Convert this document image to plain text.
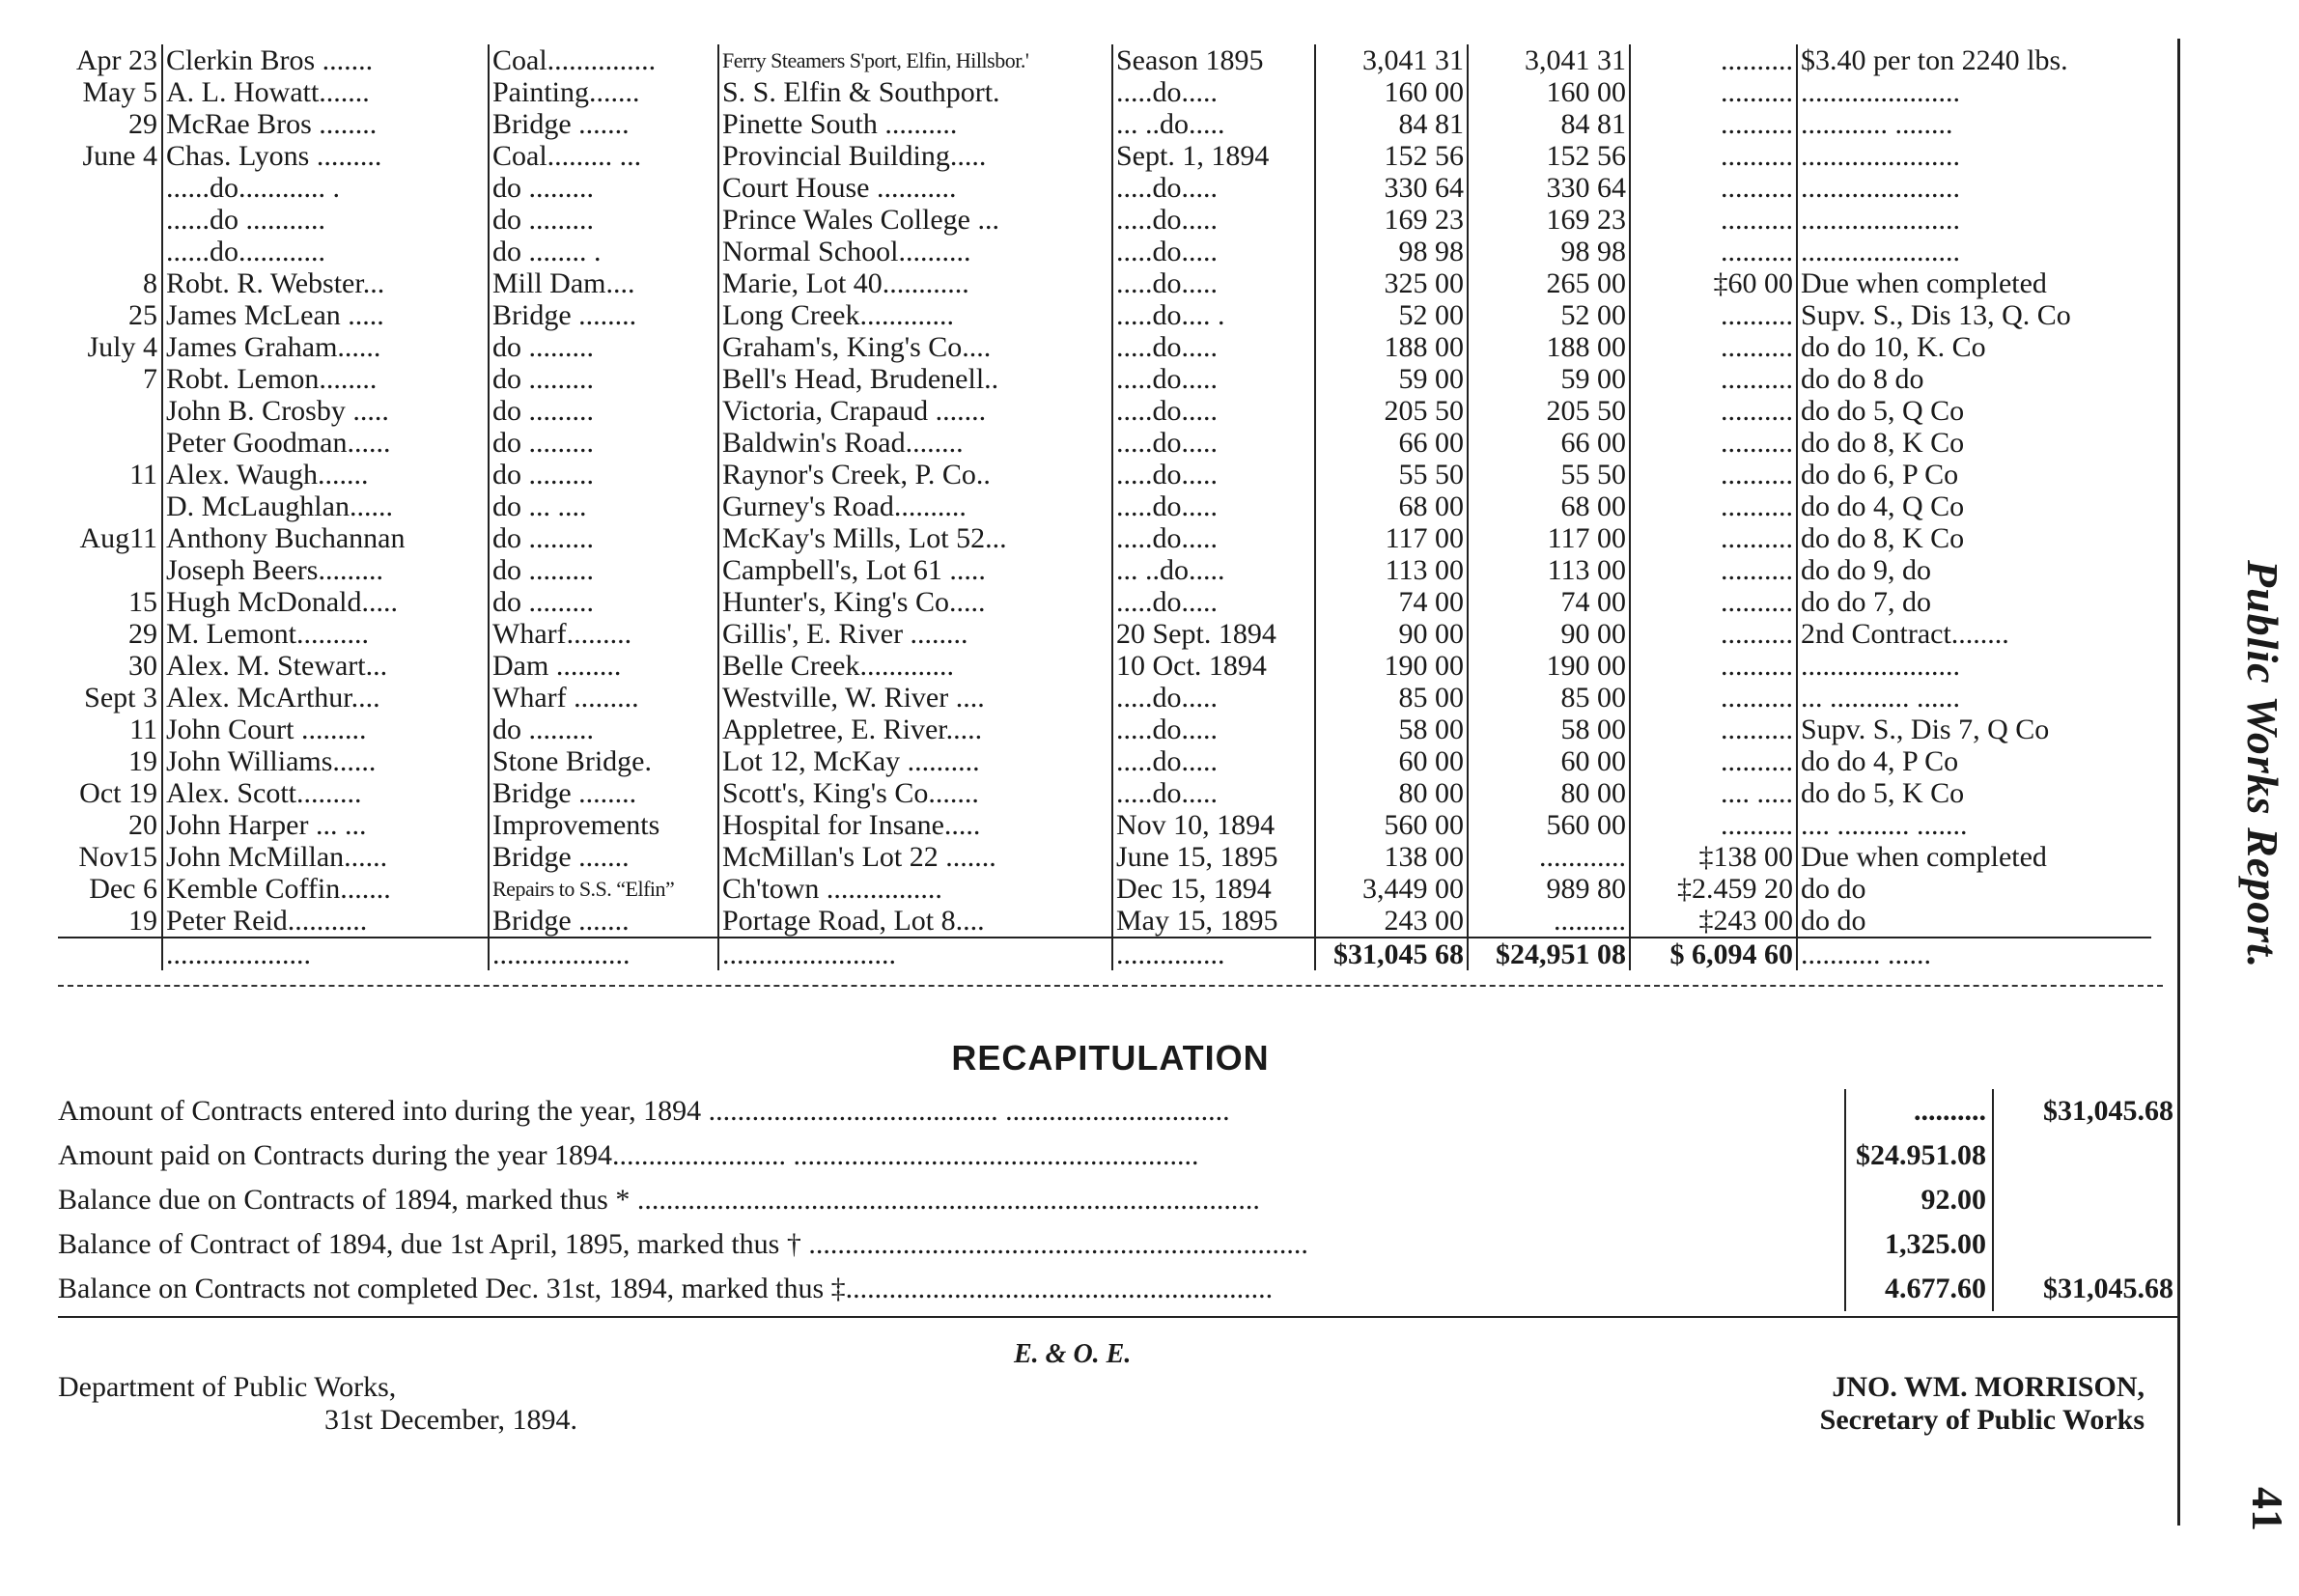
Apr 23	Clerkin Bros .......	Coal...............	Ferry Steamers S'port, Elfin, Hillsbor.'	Season 1895	3,041 31	3,041 31	..........	$3.40 per ton 2240 lbs.
May 5	A. L. Howatt.......	Painting.......	S. S. Elfin & Southport.	.....do.....	160 00	160 00	..........	......................
29	McRae Bros ........	Bridge .......	Pinette South ..........	... ..do.....	84 81	84 81	..........	............ ........
June 4	Chas. Lyons .........	Coal......... ...	Provincial Building.....	Sept. 1, 1894	152 56	152 56	..........	......................
	......do............ .	do .........	Court House ...........	.....do.....	330 64	330 64	..........	......................
	......do ...........	do .........	Prince Wales College ...	.....do.....	169 23	169 23	..........	......................
	......do............	do ........ .	Normal School..........	.....do.....	98 98	98 98	..........	......................
8	Robt. R. Webster...	Mill Dam....	Marie, Lot 40............	.....do.....	325 00	265 00	‡60 00	Due when completed
25	James McLean .....	Bridge ........	Long Creek.............	.....do.... .	52 00	52 00	..........	Supv. S., Dis 13, Q. Co
July 4	James Graham......	do .........	Graham's, King's Co....	.....do.....	188 00	188 00	..........	do do 10, K. Co
7	Robt. Lemon........	do .........	Bell's Head, Brudenell..	.....do.....	59 00	59 00	..........	do do 8 do
	John B. Crosby .....	do .........	Victoria, Crapaud .......	.....do.....	205 50	205 50	..........	do do 5, Q Co
	Peter Goodman......	do .........	Baldwin's Road........	.....do.....	66 00	66 00	..........	do do 8, K Co
11	Alex. Waugh.......	do .........	Raynor's Creek, P. Co..	.....do.....	55 50	55 50	..........	do do 6, P Co
	D. McLaughlan......	do ... ....	Gurney's Road..........	.....do.....	68 00	68 00	..........	do do 4, Q Co
Aug11	Anthony Buchannan	do .........	McKay's Mills, Lot 52...	.....do.....	117 00	117 00	..........	do do 8, K Co
	Joseph Beers.........	do .........	Campbell's, Lot 61 .....	... ..do.....	113 00	113 00	..........	do do 9, do
15	Hugh McDonald.....	do .........	Hunter's, King's Co.....	.....do.....	74 00	74 00	..........	do do 7, do
29	M. Lemont..........	Wharf.........	Gillis', E. River ........	20 Sept. 1894	90 00	90 00	..........	2nd Contract........
30	Alex. M. Stewart...	Dam .........	Belle Creek.............	10 Oct. 1894	190 00	190 00	..........	......................
Sept 3	Alex. McArthur....	Wharf .........	Westville, W. River ....	.....do.....	85 00	85 00	..........	... ........... ......
11	John Court .........	do .........	Appletree, E. River.....	.....do.....	58 00	58 00	..........	Supv. S., Dis 7, Q Co
19	John Williams......	Stone Bridge.	Lot 12, McKay ..........	.....do.....	60 00	60 00	..........	do do 4, P Co
Oct 19	Alex. Scott.........	Bridge ........	Scott's, King's Co.......	.....do.....	80 00	80 00	.... .....	do do 5, K Co
20	John Harper ... ...	Improvements	Hospital for Insane.....	Nov 10, 1894	560 00	560 00	..........	.... .......... .......
Nov15	John McMillan......	Bridge .......	McMillan's Lot 22 .......	June 15, 1895	138 00	............	‡138 00	Due when completed
Dec 6	Kemble Coffin.......	Repairs to S.S. “Elfin”	Ch'town ................	Dec 15, 1894	3,449 00	989 80	‡2.459 20	do do
19	Peter Reid...........	Bridge .......	Portage Road, Lot 8....	May 15, 1895	243 00	..........	‡243 00	do do
	....................	...................	........................	...............	$31,045 68	$24,951 08	$ 6,094 60	........... ......
RECAPITULATION
Amount of Contracts entered into during the year, 1894 ........................................ ...............................	..........	$31,045.68
Amount paid on Contracts during the year 1894........................ ........................................................	$24.951.08
Balance due on Contracts of 1894, marked thus * ......................................................................................	92.00
Balance of Contract of 1894, due 1st April, 1895, marked thus † .....................................................................	1,325.00
Balance on Contracts not completed Dec. 31st, 1894, marked thus ‡...........................................................	4.677.60	$31,045.68
E. & O. E.
Department of Public Works,
31st December, 1894.
JNO. WM. MORRISON,
Secretary of Public Works
Public Works Report.
41
